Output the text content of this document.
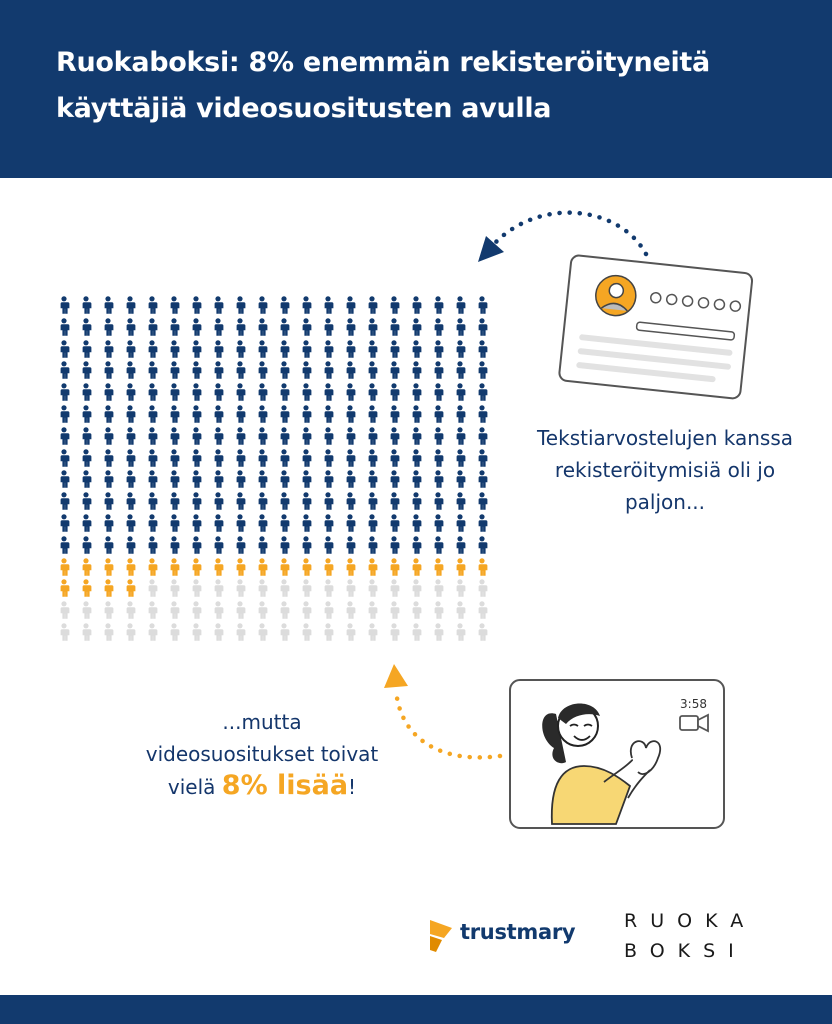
Ruokaboksi: 8% enemmän rekisteröityneitä käyttäjiä videosuositusten avulla
Tekstiarvostelujen kanssa rekisteröitymisiä oli jo paljon...
3:58
...mutta
videosuositukset toivat
vielä 8% lisää!
trustmary	RUOKA
BOKSI
